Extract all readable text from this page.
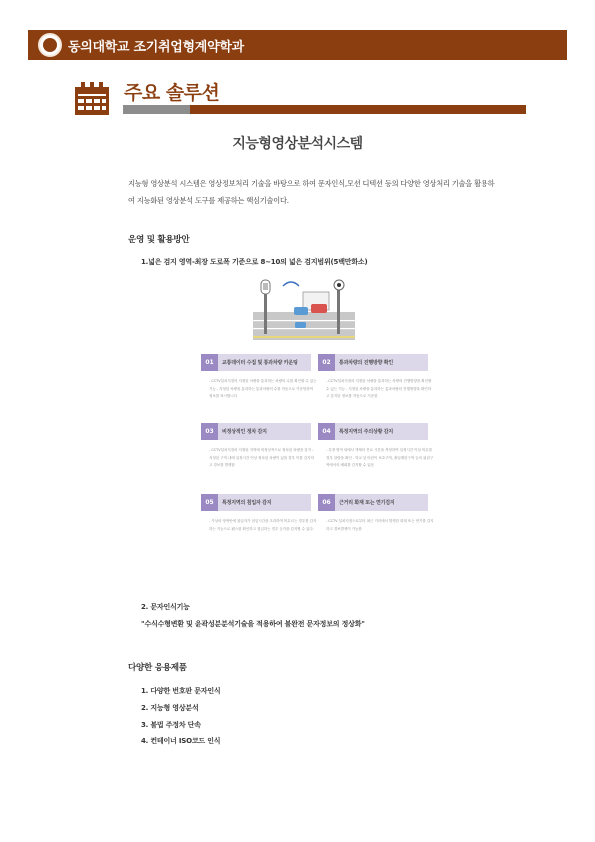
동의대학교 조기취업형계약학과
주요 솔루션
지능형영상분석시스템
지능형 영상분석 시스템은 영상정보처리 기술을 바탕으로 하여 문자인식,모션 디텍션 등의 다양한 영상처리 기술을 활용하여 지능화된 영상분석 도구를 제공하는 핵심기술이다.
운영 및 활용방안
1.넓은 검지 영역-최장 도로폭 기준으로 8~10의 넓은 검지범위(5백만화소)
01	교통데이터 수집 및 통과차량 카운팅
- CCTV설치지점의 지정된 차량을 통과하는 차량의 수를 확인할 수 있는 기능 - 지정된 차량을 통과하는 통과차량의 수를 자동으로 카운팅하여 정보를 표시합니다
02	통과차량의 진행방향 확인
- CCTV설치지점의 지정된 차량을 통과하는 차량의 진행방향을 확인할 수 있는 기능 - 지정된 차량을 통과하는 통과차량의 진행방향을 확인하고 감지된 정보를 자동으로 기준함
03	비정상적인 정차 감지
- CCTV설치지점의 지정된 지역에 비정상적으로 정차된 차량을 감지 - 지정된 구역 내에 일정시간 이상 정차된 차량이 있을 경우 이를 감지하고 경보를 발생함
04	특정지역의 주의상황 감지
- 특정 영역 내에서 객체의 진로 시간을 측정하여 일정시간 이상 머무를 경우 알람을 확인 - 학교 앞 어린이 보호구역, 출입제한구역 등의 위험구역에서의 배회를 감지할 수 있음
05	특정지역의 침입자 감지
- 가상의 영역안에 침입자가 침입시간을 초과하여 머무르는 경우를 감지하는 기능으로 펜스를 확인하고 침입하는 경우 등각을 감지할 수 있다.
06	근거리 화재 또는 연기검지
- CCTV 설치지점으로부터 최근 거리에서 발생한 화재 또는 연기를 감지하고 경보발생이 가능함
2. 문자인식기능
"수식수형변환 및 윤곽성분분석기술을 적용하여 불완전 문자정보의 정상화"
다양한 응용제품
1. 다양한 번호판 문자인식
2. 지능형 영상분석
3. 불법 주정차 단속
4. 컨테이너 ISO코드 인식
